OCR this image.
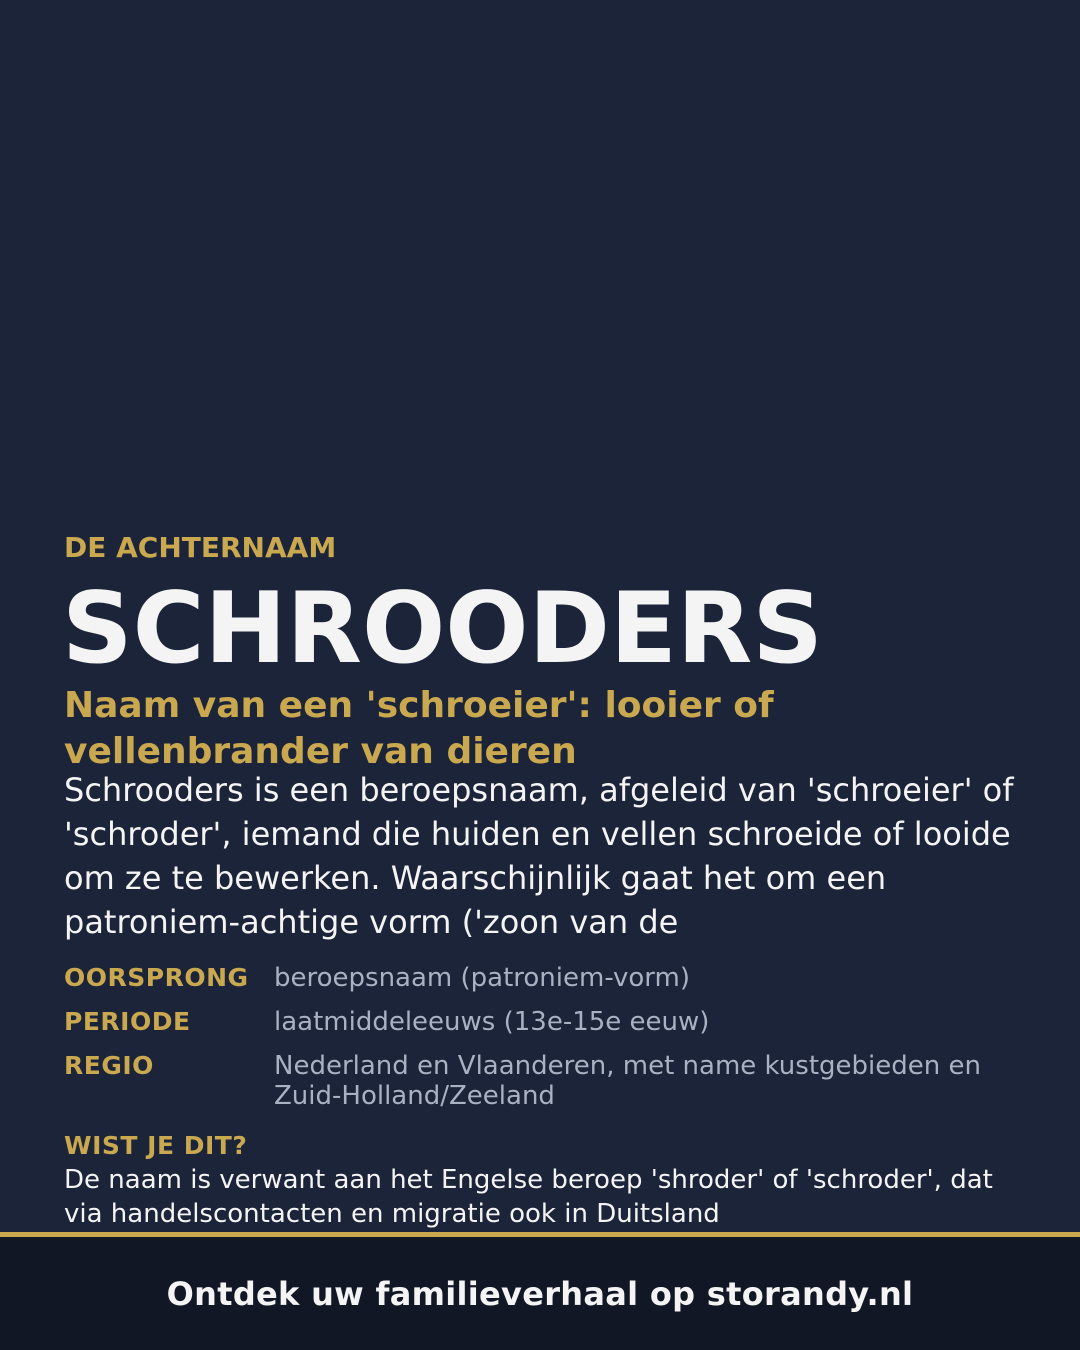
DE ACHTERNAAM

SCHROODERS
Naam van een 'schroeier': looier of vellenbrander van dieren

Schrooders is een beroepsnaam, afgeleid van 'schroeier' of 'schroder', iemand die huiden en vellen schroeide of looide om ze te bewerken. Waarschijnlijk gaat het om een patroniem-achtige vorm ('zoon van de

OORSPRONG beroepsnaam (patroniem-vorm)
PERIODE	laatmiddeleeuws (13e-15e eeuw)
REGIO	Nederland en Vlaanderen, met name kustgebieden en Zuid-Holland/Zeeland
WIST JE DIT?

De naam is verwant aan het Engelse beroep 'shroder' of 'schroder', dat via handelscontacten en migratie ook in Duitsland

Ontdek uw familieverhaal op storandy.nl
